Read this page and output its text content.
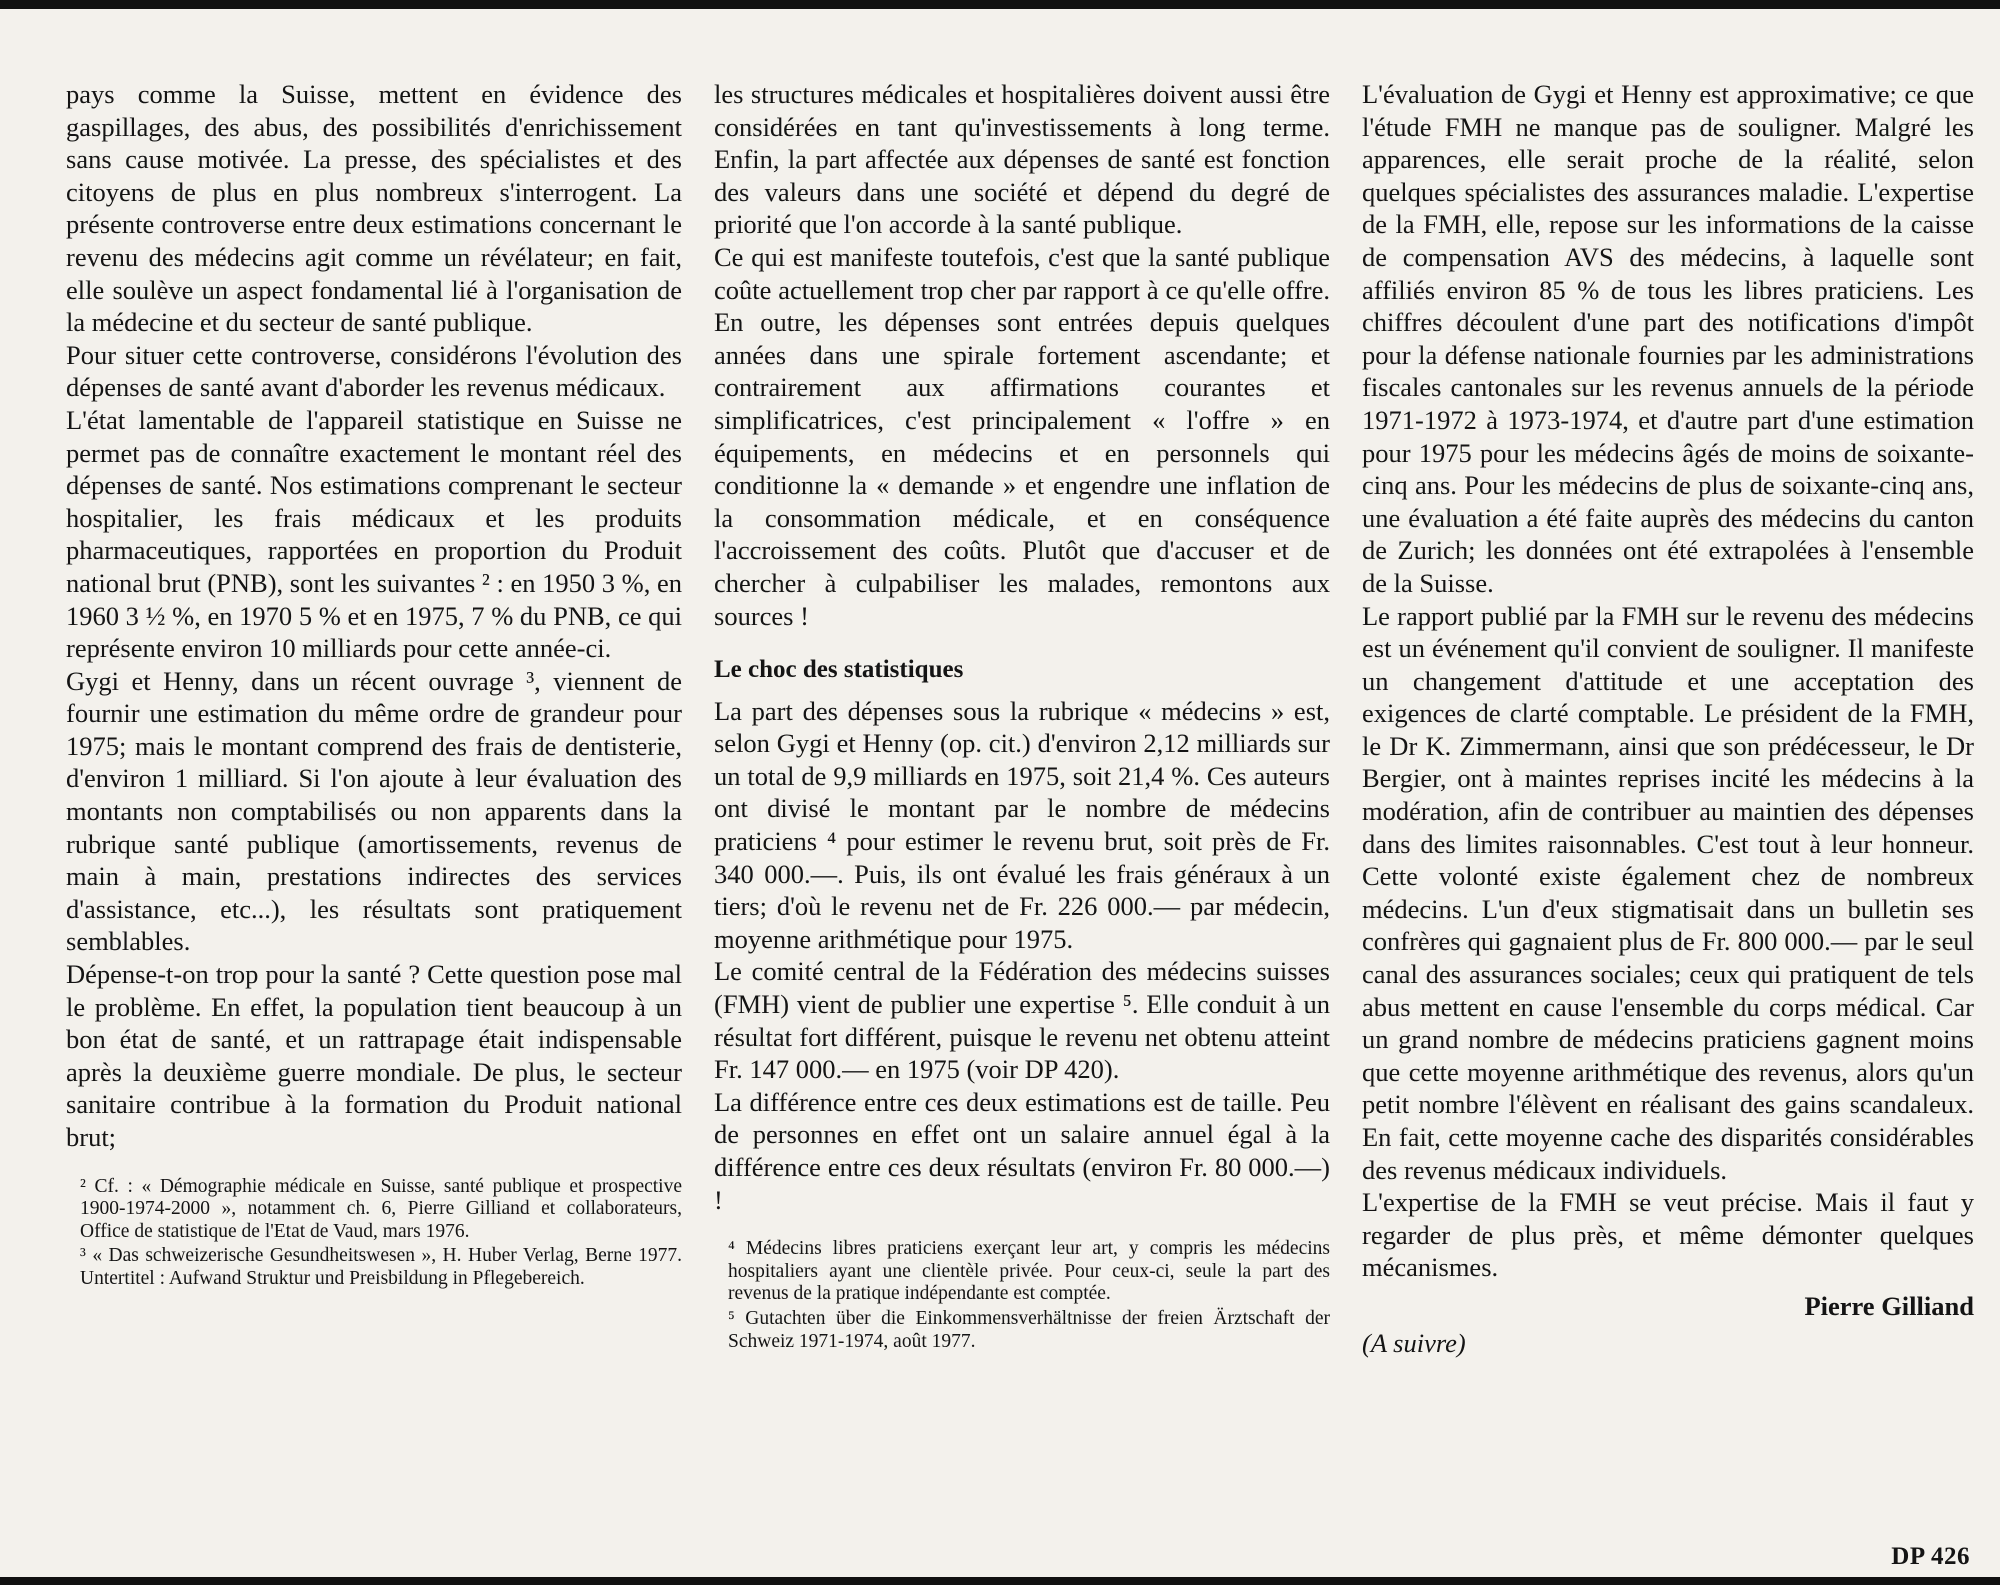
pays comme la Suisse, mettent en évidence des gaspillages, des abus, des possibilités d'enrichissement sans cause motivée. La presse, des spécialistes et des citoyens de plus en plus nombreux s'interrogent. La présente controverse entre deux estimations concernant le revenu des médecins agit comme un révélateur; en fait, elle soulève un aspect fondamental lié à l'organisation de la médecine et du secteur de santé publique.

Pour situer cette controverse, considérons l'évolution des dépenses de santé avant d'aborder les revenus médicaux.

L'état lamentable de l'appareil statistique en Suisse ne permet pas de connaître exactement le montant réel des dépenses de santé. Nos estimations comprenant le secteur hospitalier, les frais médicaux et les produits pharmaceutiques, rapportées en proportion du Produit national brut (PNB), sont les suivantes ² : en 1950 3 %, en 1960 3 ½ %, en 1970 5 % et en 1975, 7 % du PNB, ce qui représente environ 10 milliards pour cette année-ci.

Gygi et Henny, dans un récent ouvrage ³, viennent de fournir une estimation du même ordre de grandeur pour 1975; mais le montant comprend des frais de dentisterie, d'environ 1 milliard. Si l'on ajoute à leur évaluation des montants non comptabilisés ou non apparents dans la rubrique santé publique (amortissements, revenus de main à main, prestations indirectes des services d'assistance, etc...), les résultats sont pratiquement semblables.

Dépense-t-on trop pour la santé ? Cette question pose mal le problème. En effet, la population tient beaucoup à un bon état de santé, et un rattrapage était indispensable après la deuxième guerre mondiale. De plus, le secteur sanitaire contribue à la formation du Produit national brut;

² Cf. : « Démographie médicale en Suisse, santé publique et prospective 1900-1974-2000 », notamment ch. 6, Pierre Gilliand et collaborateurs, Office de statistique de l'Etat de Vaud, mars 1976.

³ « Das schweizerische Gesundheitswesen », H. Huber Verlag, Berne 1977. Untertitel : Aufwand Struktur und Preisbildung in Pflegebereich.

les structures médicales et hospitalières doivent aussi être considérées en tant qu'investissements à long terme. Enfin, la part affectée aux dépenses de santé est fonction des valeurs dans une société et dépend du degré de priorité que l'on accorde à la santé publique.

Ce qui est manifeste toutefois, c'est que la santé publique coûte actuellement trop cher par rapport à ce qu'elle offre. En outre, les dépenses sont entrées depuis quelques années dans une spirale fortement ascendante; et contrairement aux affirmations courantes et simplificatrices, c'est principalement « l'offre » en équipements, en médecins et en personnels qui conditionne la « demande » et engendre une inflation de la consommation médicale, et en conséquence l'accroissement des coûts. Plutôt que d'accuser et de chercher à culpabiliser les malades, remontons aux sources !

Le choc des statistiques

La part des dépenses sous la rubrique « médecins » est, selon Gygi et Henny (op. cit.) d'environ 2,12 milliards sur un total de 9,9 milliards en 1975, soit 21,4 %. Ces auteurs ont divisé le montant par le nombre de médecins praticiens ⁴ pour estimer le revenu brut, soit près de Fr. 340 000.—. Puis, ils ont évalué les frais généraux à un tiers; d'où le revenu net de Fr. 226 000.— par médecin, moyenne arithmétique pour 1975.

Le comité central de la Fédération des médecins suisses (FMH) vient de publier une expertise ⁵. Elle conduit à un résultat fort différent, puisque le revenu net obtenu atteint Fr. 147 000.— en 1975 (voir DP 420).

La différence entre ces deux estimations est de taille. Peu de personnes en effet ont un salaire annuel égal à la différence entre ces deux résultats (environ Fr. 80 000.—) !

⁴ Médecins libres praticiens exerçant leur art, y compris les médecins hospitaliers ayant une clientèle privée. Pour ceux-ci, seule la part des revenus de la pratique indépendante est comptée.

⁵ Gutachten über die Einkommensverhältnisse der freien Ärztschaft der Schweiz 1971-1974, août 1977.

L'évaluation de Gygi et Henny est approximative; ce que l'étude FMH ne manque pas de souligner. Malgré les apparences, elle serait proche de la réalité, selon quelques spécialistes des assurances maladie. L'expertise de la FMH, elle, repose sur les informations de la caisse de compensation AVS des médecins, à laquelle sont affiliés environ 85 % de tous les libres praticiens. Les chiffres découlent d'une part des notifications d'impôt pour la défense nationale fournies par les administrations fiscales cantonales sur les revenus annuels de la période 1971-1972 à 1973-1974, et d'autre part d'une estimation pour 1975 pour les médecins âgés de moins de soixante-cinq ans. Pour les médecins de plus de soixante-cinq ans, une évaluation a été faite auprès des médecins du canton de Zurich; les données ont été extrapolées à l'ensemble de la Suisse.

Le rapport publié par la FMH sur le revenu des médecins est un événement qu'il convient de souligner. Il manifeste un changement d'attitude et une acceptation des exigences de clarté comptable. Le président de la FMH, le Dr K. Zimmermann, ainsi que son prédécesseur, le Dr Bergier, ont à maintes reprises incité les médecins à la modération, afin de contribuer au maintien des dépenses dans des limites raisonnables. C'est tout à leur honneur. Cette volonté existe également chez de nombreux médecins. L'un d'eux stigmatisait dans un bulletin ses confrères qui gagnaient plus de Fr. 800 000.— par le seul canal des assurances sociales; ceux qui pratiquent de tels abus mettent en cause l'ensemble du corps médical. Car un grand nombre de médecins praticiens gagnent moins que cette moyenne arithmétique des revenus, alors qu'un petit nombre l'élèvent en réalisant des gains scandaleux. En fait, cette moyenne cache des disparités considérables des revenus médicaux individuels.

L'expertise de la FMH se veut précise. Mais il faut y regarder de plus près, et même démonter quelques mécanismes.

Pierre Gilliand

(A suivre)

DP 426
